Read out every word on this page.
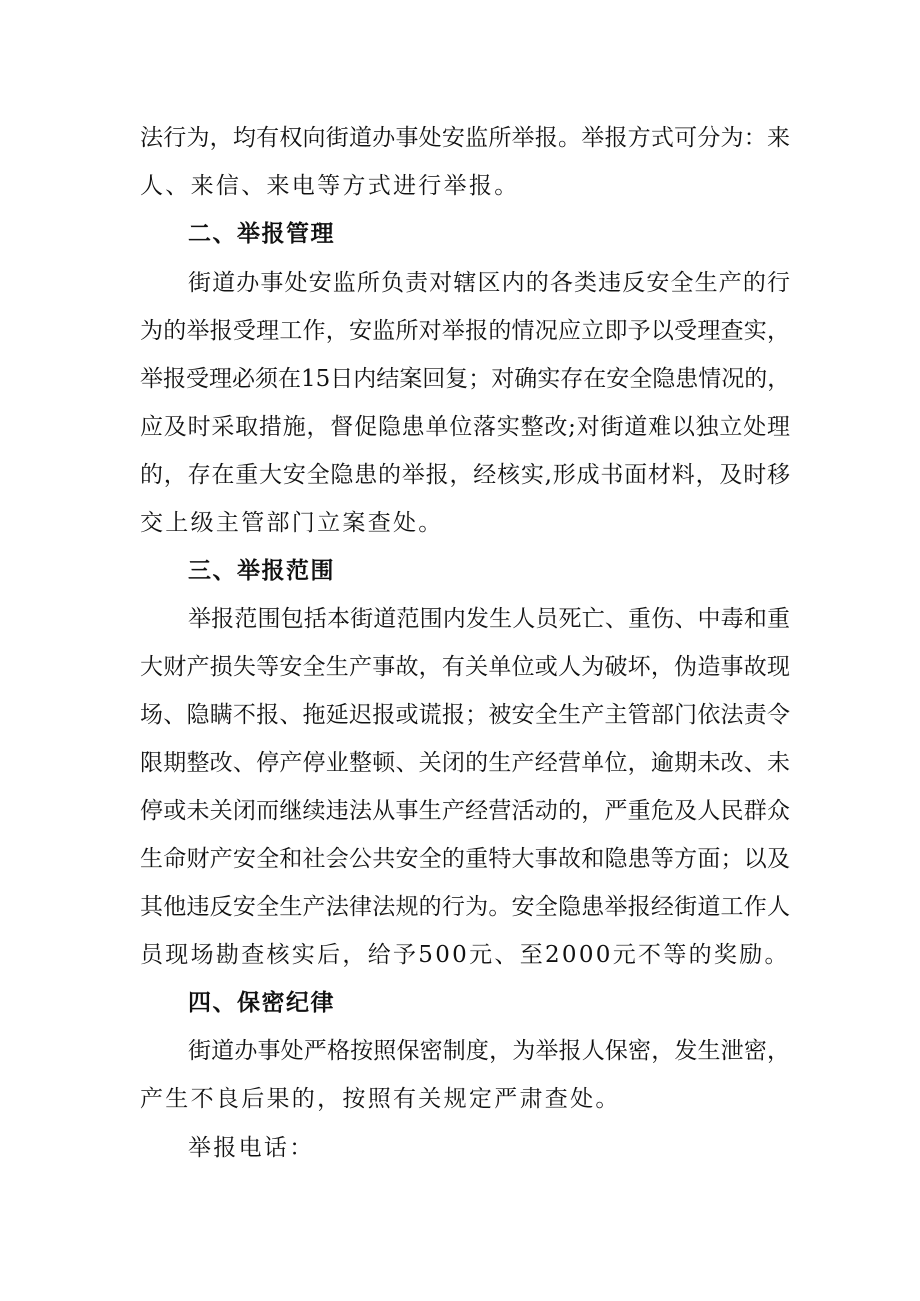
法行为，均有权向街道办事处安监所举报。举报方式可分为：来
人、来信、来电等方式进行举报。
二、举报管理
街道办事处安监所负责对辖区内的各类违反安全生产的行
为的举报受理工作，安监所对举报的情况应立即予以受理查实，
举报受理必须在15日内结案回复；对确实存在安全隐患情况的，
应及时采取措施，督促隐患单位落实整改;对街道难以独立处理
的，存在重大安全隐患的举报，经核实,形成书面材料，及时移
交上级主管部门立案查处。
三、举报范围
举报范围包括本街道范围内发生人员死亡、重伤、中毒和重
大财产损失等安全生产事故，有关单位或人为破坏，伪造事故现
场、隐瞒不报、拖延迟报或谎报；被安全生产主管部门依法责令
限期整改、停产停业整顿、关闭的生产经营单位，逾期未改、未
停或未关闭而继续违法从事生产经营活动的，严重危及人民群众
生命财产安全和社会公共安全的重特大事故和隐患等方面；以及
其他违反安全生产法律法规的行为。安全隐患举报经街道工作人
员现场勘查核实后，给予500元、至2000元不等的奖励。
四、保密纪律
街道办事处严格按照保密制度，为举报人保密，发生泄密，
产生不良后果的，按照有关规定严肃查处。
举报电话：
